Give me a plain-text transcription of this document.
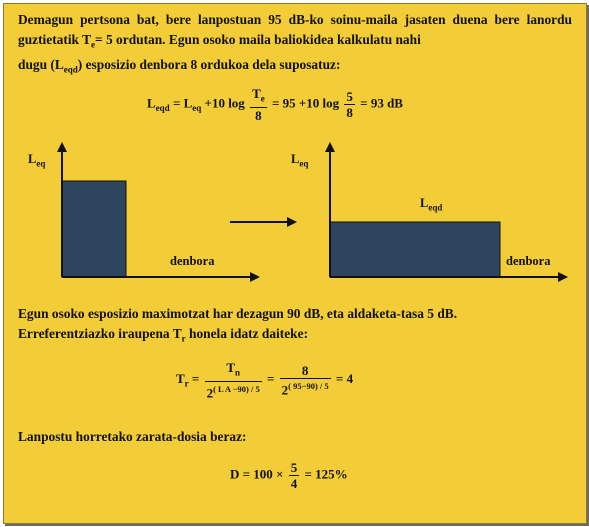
Demagun pertsona bat, bere lanpostuan 95 dB-ko soinu-maila jasaten duena bere lanordu guztietatik $T_e= 5$ ordutan. Egun osoko maila baliokidea kalkulatu nahi
dugu $(L_{eqd})$ esposizio denbora 8 ordukoa dela suposatuz:
$L_{eqd} = L_{eq} +10$ $\log \frac{T_e}{8} = 95 +10$ $\log \frac{5}{8} = 93$ dB
$L_{eq}$
denbora
$L_{eq}$
$L_{eqd}$
denbora
Egun osoko esposizio maximotzat har dezagun 90 dB, eta aldaketa-tasa 5 dB.
Erreferentziazko iraupena $T_r$ honela idatz daiteke:
$T_r = \frac{T_n}{2^{( L A -90) / 5}} = \frac{8}{2^{( 95-90) / 5}} = 4$
Lanpostu horretako zarata-dosia beraz:
$D = 100 \times \frac{5}{4} = 125\%$
